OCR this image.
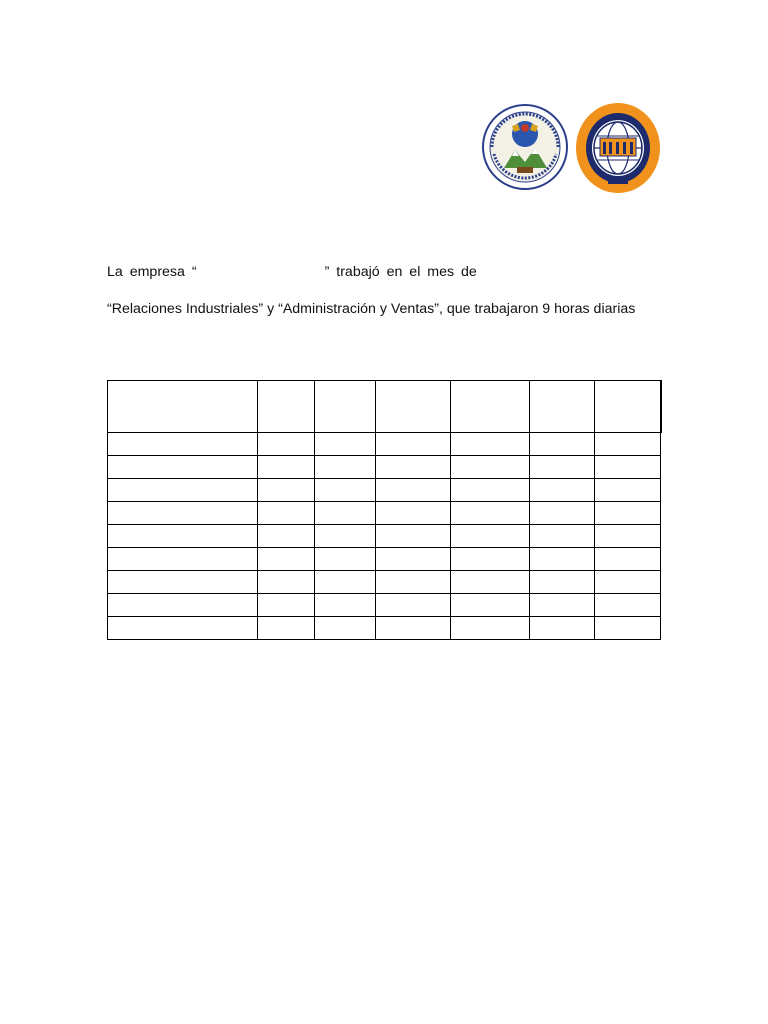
La empresa “	” trabajó en el mes de
“Relaciones Industriales” y “Administración y Ventas”, que trabajaron 9 horas diarias
